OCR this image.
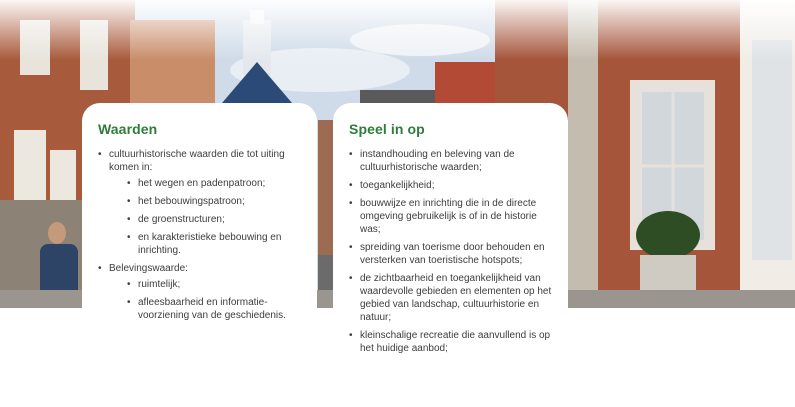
Waarden
• cultuurhistorische waarden die tot uiting komen in:
• het wegen en padenpatroon;
• het bebouwingspatroon;
• de groenstructuren;
• en karakteristieke bebouwing en inrichting.
• Belevingswaarde:
• ruimtelijk;
• afleesbaarheid en informatie-voorziening van de geschiedenis.
Speel in op
• instandhouding en beleving van de cultuurhistorische waarden;
• toegankelijkheid;
• bouwwijze en inrichting die in de directe omgeving gebruikelijk is of in de historie was;
• spreiding van toerisme door behouden en versterken van toeristische hotspots;
• de zichtbaarheid en toegankelijkheid van waardevolle gebieden en elementen op het gebied van landschap, cultuurhistorie en natuur;
• kleinschalige recreatie die aanvullend is op het huidige aanbod;
